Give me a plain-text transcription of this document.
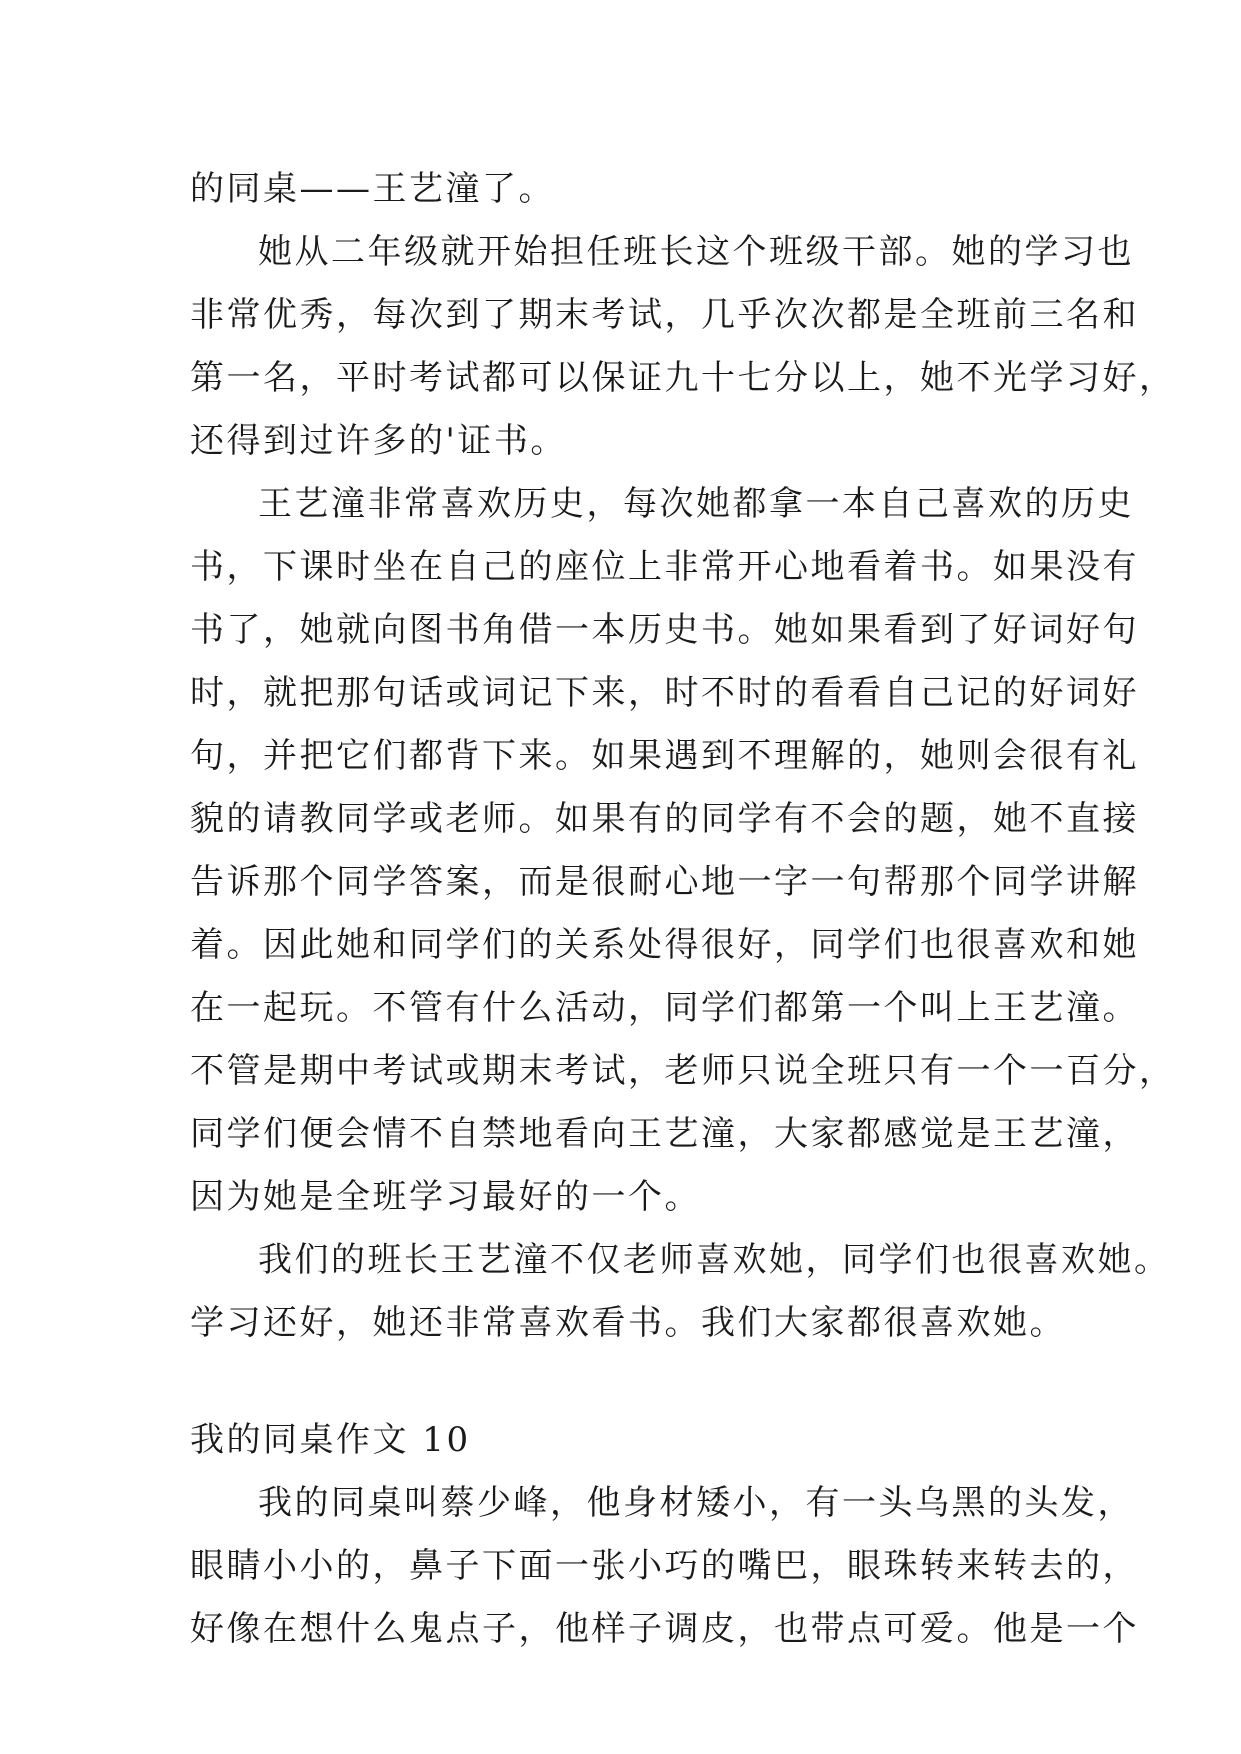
的同桌——王艺潼了。
她从二年级就开始担任班长这个班级干部。她的学习也
非常优秀，每次到了期末考试，几乎次次都是全班前三名和
第一名，平时考试都可以保证九十七分以上，她不光学习好，
还得到过许多的'证书。
王艺潼非常喜欢历史，每次她都拿一本自己喜欢的历史
书，下课时坐在自己的座位上非常开心地看着书。如果没有
书了，她就向图书角借一本历史书。她如果看到了好词好句
时，就把那句话或词记下来，时不时的看看自己记的好词好
句，并把它们都背下来。如果遇到不理解的，她则会很有礼
貌的请教同学或老师。如果有的同学有不会的题，她不直接
告诉那个同学答案，而是很耐心地一字一句帮那个同学讲解
着。因此她和同学们的关系处得很好，同学们也很喜欢和她
在一起玩。不管有什么活动，同学们都第一个叫上王艺潼。
不管是期中考试或期末考试，老师只说全班只有一个一百分，
同学们便会情不自禁地看向王艺潼，大家都感觉是王艺潼，
因为她是全班学习最好的一个。
我们的班长王艺潼不仅老师喜欢她，同学们也很喜欢她。
学习还好，她还非常喜欢看书。我们大家都很喜欢她。
我的同桌作文 10
我的同桌叫蔡少峰，他身材矮小，有一头乌黑的头发，
眼睛小小的，鼻子下面一张小巧的嘴巴，眼珠转来转去的，
好像在想什么鬼点子，他样子调皮，也带点可爱。他是一个
